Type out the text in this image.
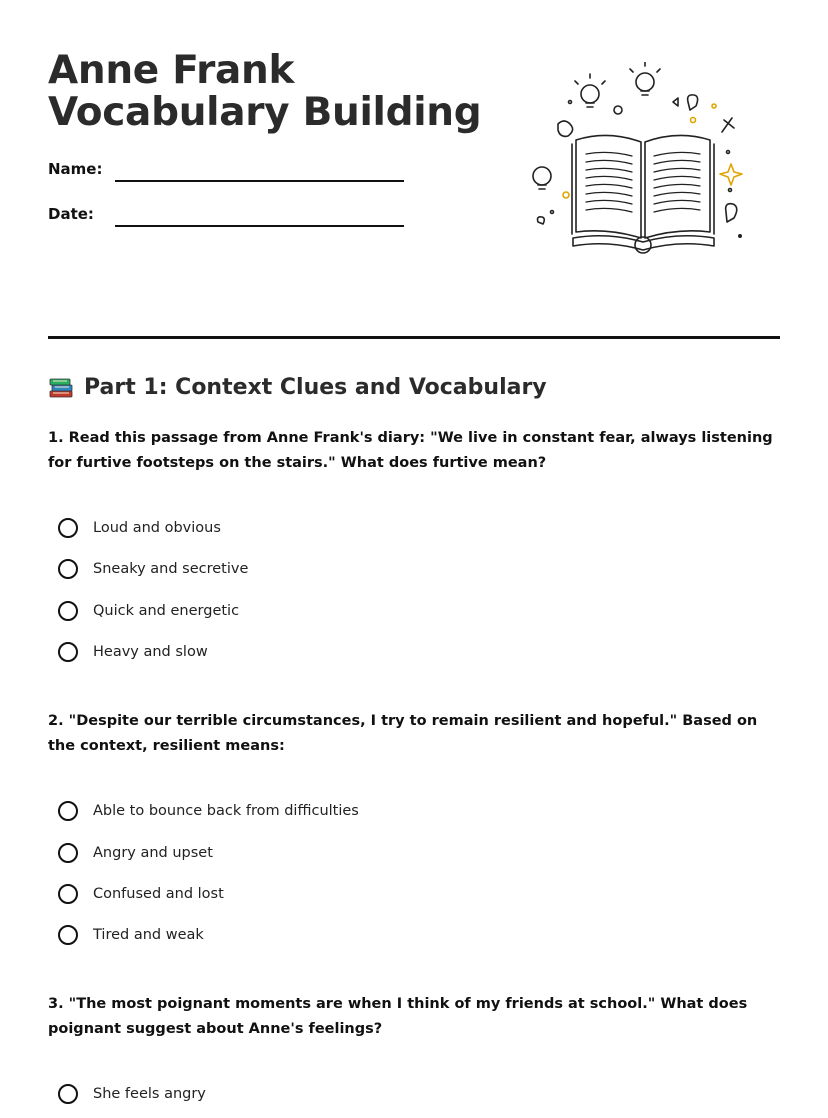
Anne Frank Vocabulary Building
Name:
Date:
Part 1: Context Clues and Vocabulary

1. Read this passage from Anne Frank's diary: "We live in constant fear, always listening for furtive footsteps on the stairs." What does furtive mean?

Loud and obvious
Sneaky and secretive
Quick and energetic
Heavy and slow

2. "Despite our terrible circumstances, I try to remain resilient and hopeful." Based on the context, resilient means:

Able to bounce back from difficulties
Angry and upset
Confused and lost
Tired and weak

3. "The most poignant moments are when I think of my friends at school." What does poignant suggest about Anne's feelings?

She feels angry
